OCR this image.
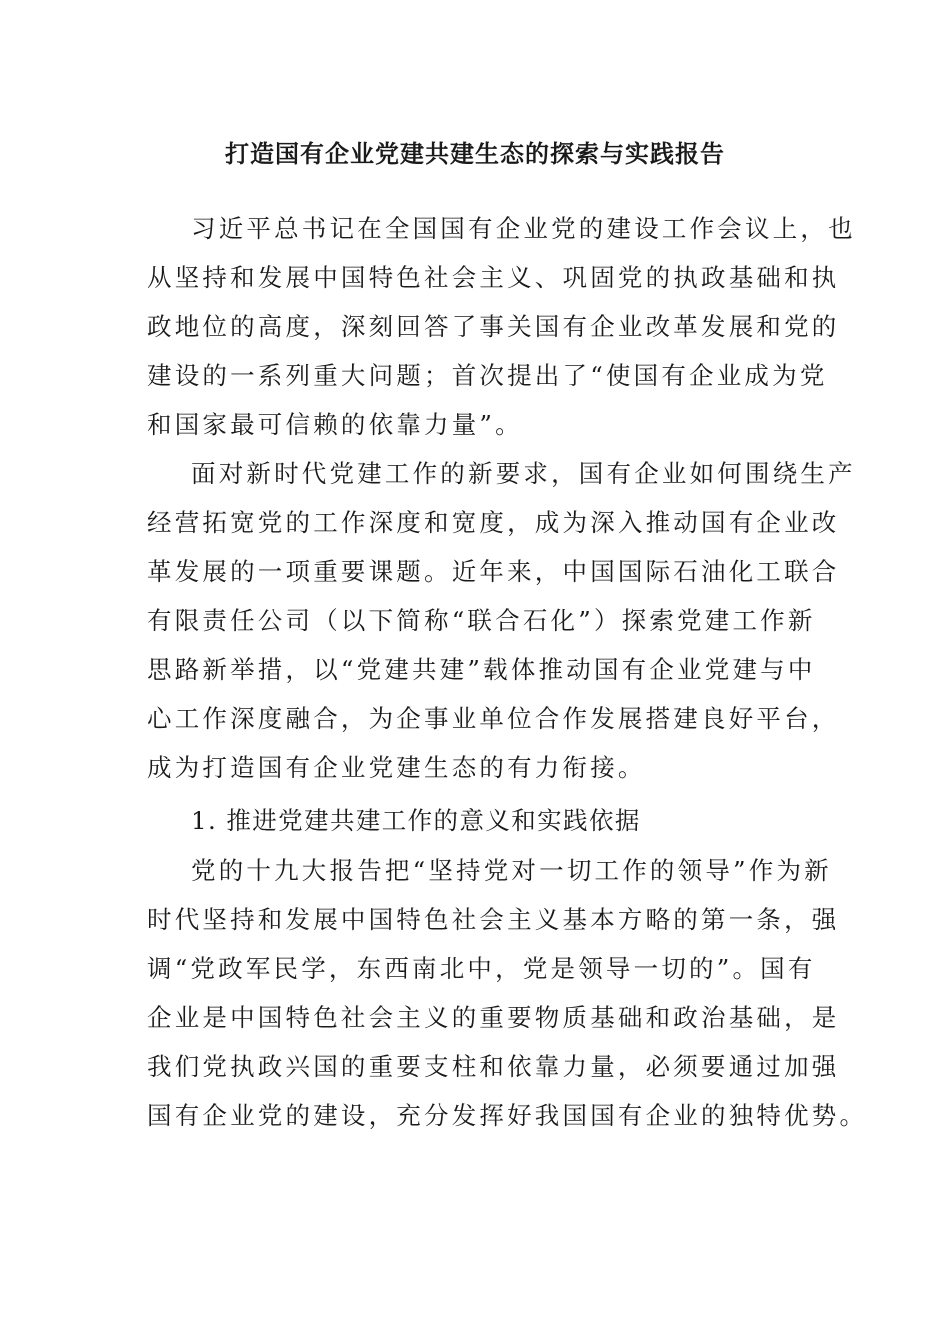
打造国有企业党建共建生态的探索与实践报告
习近平总书记在全国国有企业党的建设工作会议上，也
从坚持和发展中国特色社会主义、巩固党的执政基础和执
政地位的高度，深刻回答了事关国有企业改革发展和党的
建设的一系列重大问题；首次提出了“使国有企业成为党
和国家最可信赖的依靠力量”。
面对新时代党建工作的新要求，国有企业如何围绕生产
经营拓宽党的工作深度和宽度，成为深入推动国有企业改
革发展的一项重要课题。近年来，中国国际石油化工联合
有限责任公司（以下简称“联合石化”）探索党建工作新
思路新举措，以“党建共建”载体推动国有企业党建与中
心工作深度融合，为企事业单位合作发展搭建良好平台，
成为打造国有企业党建生态的有力衔接。
1. 推进党建共建工作的意义和实践依据
党的十九大报告把“坚持党对一切工作的领导”作为新
时代坚持和发展中国特色社会主义基本方略的第一条，强
调“党政军民学，东西南北中，党是领导一切的”。国有
企业是中国特色社会主义的重要物质基础和政治基础，是
我们党执政兴国的重要支柱和依靠力量，必须要通过加强
国有企业党的建设，充分发挥好我国国有企业的独特优势。
